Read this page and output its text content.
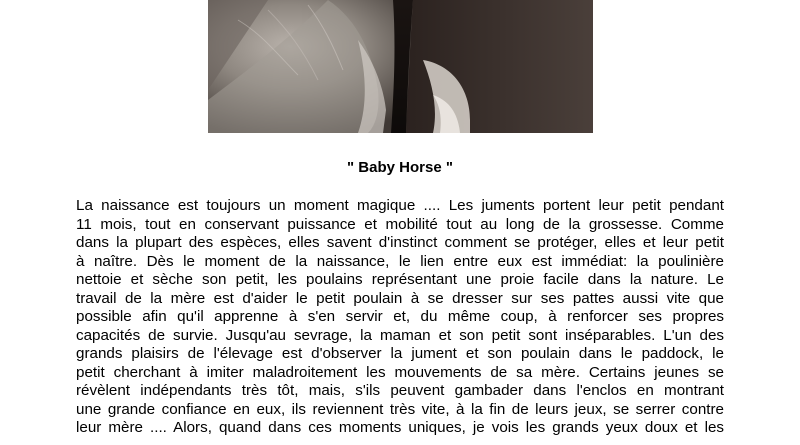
" Baby Horse "
La naissance est toujours un moment magique .... Les juments portent leur petit pendant
11 mois, tout en conservant puissance et mobilité tout au long de la grossesse. Comme
dans la plupart des espèces, elles savent d'instinct comment se protéger, elles et leur petit
à naître. Dès le moment de la naissance, le lien entre eux est immédiat: la poulinière
nettoie et sèche son petit, les poulains représentant une proie facile dans la nature. Le
travail de la mère est d'aider le petit poulain à se dresser sur ses pattes aussi vite que
possible afin qu'il apprenne à s'en servir et, du même coup, à renforcer ses propres
capacités de survie. Jusqu'au sevrage, la maman et son petit sont inséparables. L'un des
grands plaisirs de l'élevage est d'observer la jument et son poulain dans le paddock, le
petit cherchant à imiter maladroitement les mouvements de sa mère. Certains jeunes se
révèlent indépendants très tôt, mais, s'ils peuvent gambader dans l'enclos en montrant
une grande confiance en eux, ils reviennent très vite, à la fin de leurs jeux, se serrer contre
leur mère .... Alors, quand dans ces moments uniques, je vois les grands yeux doux et les
